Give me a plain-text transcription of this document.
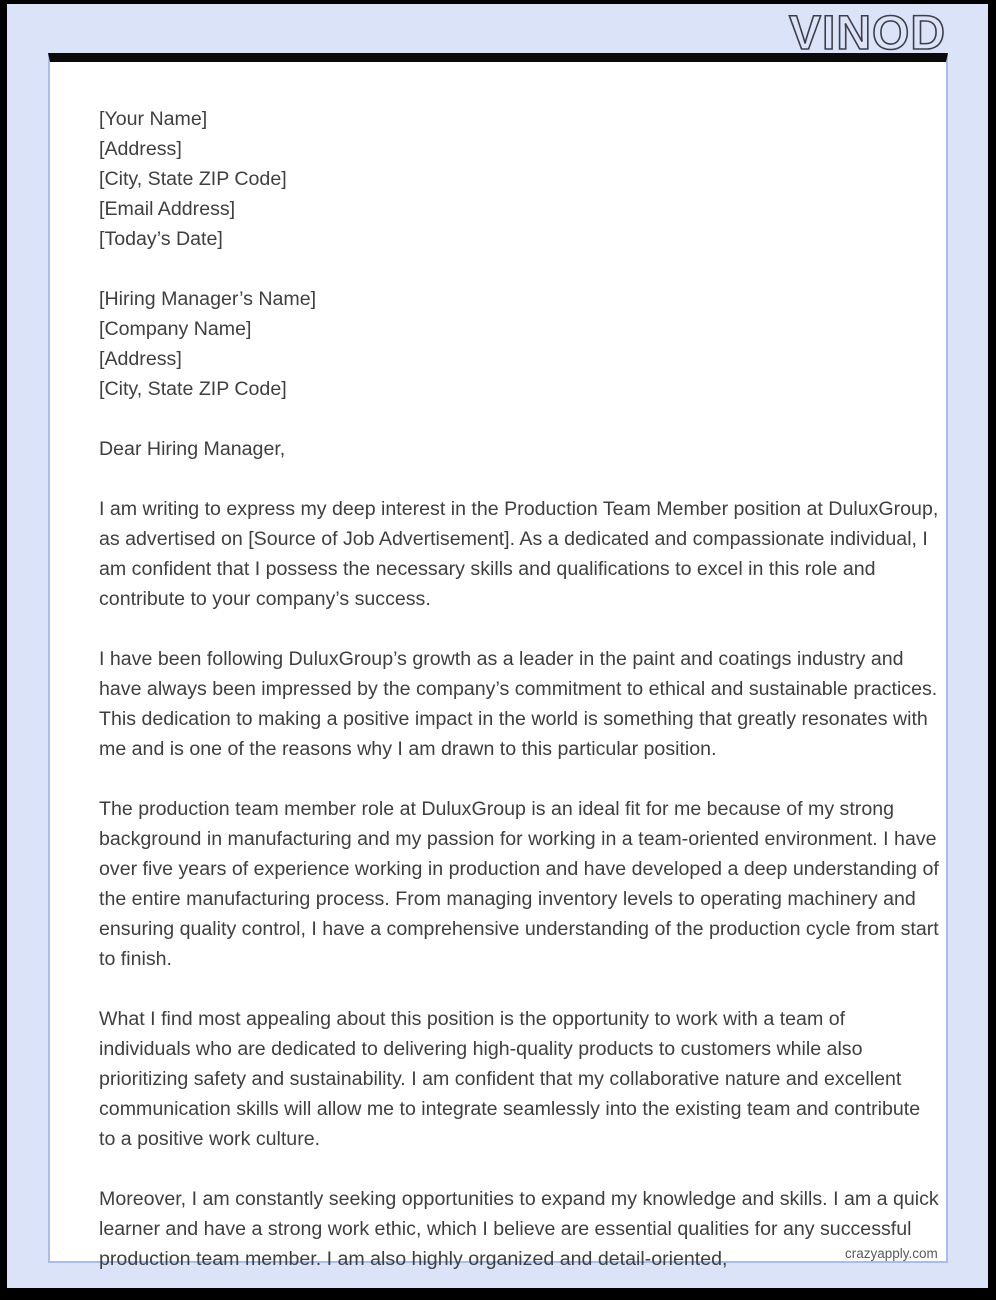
VINOD
[Your Name]
[Address]
[City, State ZIP Code]
[Email Address]
[Today’s Date]
[Hiring Manager’s Name]
[Company Name]
[Address]
[City, State ZIP Code]

Dear Hiring Manager,

I am writing to express my deep interest in the Production Team Member position at DuluxGroup, as advertised on [Source of Job Advertisement]. As a dedicated and compassionate individual, I am confident that I possess the necessary skills and qualifications to excel in this role and contribute to your company’s success.

I have been following DuluxGroup’s growth as a leader in the paint and coatings industry and have always been impressed by the company’s commitment to ethical and sustainable practices. This dedication to making a positive impact in the world is something that greatly resonates with me and is one of the reasons why I am drawn to this particular position.

The production team member role at DuluxGroup is an ideal fit for me because of my strong background in manufacturing and my passion for working in a team-oriented environment. I have over five years of experience working in production and have developed a deep understanding of the entire manufacturing process. From managing inventory levels to operating machinery and ensuring quality control, I have a comprehensive understanding of the production cycle from start to finish.

What I find most appealing about this position is the opportunity to work with a team of individuals who are dedicated to delivering high-quality products to customers while also prioritizing safety and sustainability. I am confident that my collaborative nature and excellent communication skills will allow me to integrate seamlessly into the existing team and contribute to a positive work culture.

Moreover, I am constantly seeking opportunities to expand my knowledge and skills. I am a quick learner and have a strong work ethic, which I believe are essential qualities for any successful production team member. I am also highly organized and detail-oriented,	crazyapply.com
